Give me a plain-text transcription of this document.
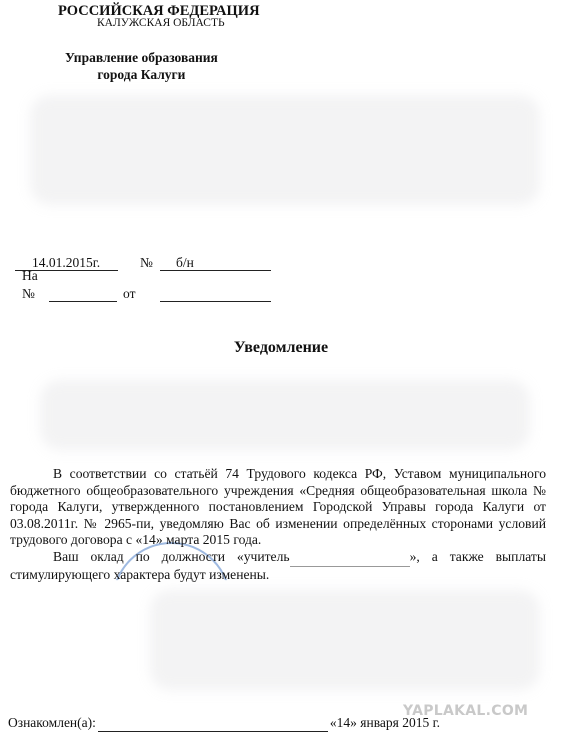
РОССИЙСКАЯ ФЕДЕРАЦИЯ
КАЛУЖСКАЯ ОБЛАСТЬ
Управление образования
города Калуги
14.01.2015г.	№ б/н
На
№	от
Уведомление

В соответствии со статьёй 74 Трудового кодекса РФ, Уставом муниципального бюджетного общеобразовательного учреждения «Средняя общеобразовательная школа № города Калуги, утвержденного постановлением Городской Управы города Калуги от 03.08.2011г. № 2965-пи, уведомляю Вас об изменении определённых сторонами условий трудового договора с «14» марта 2015 года.

Ваш оклад по должности «учитель	», а также выплаты стимулирующего характера будут изменены.

YAPLAKAL.COM
Ознакомлен(а):	«14» января 2015 г.
